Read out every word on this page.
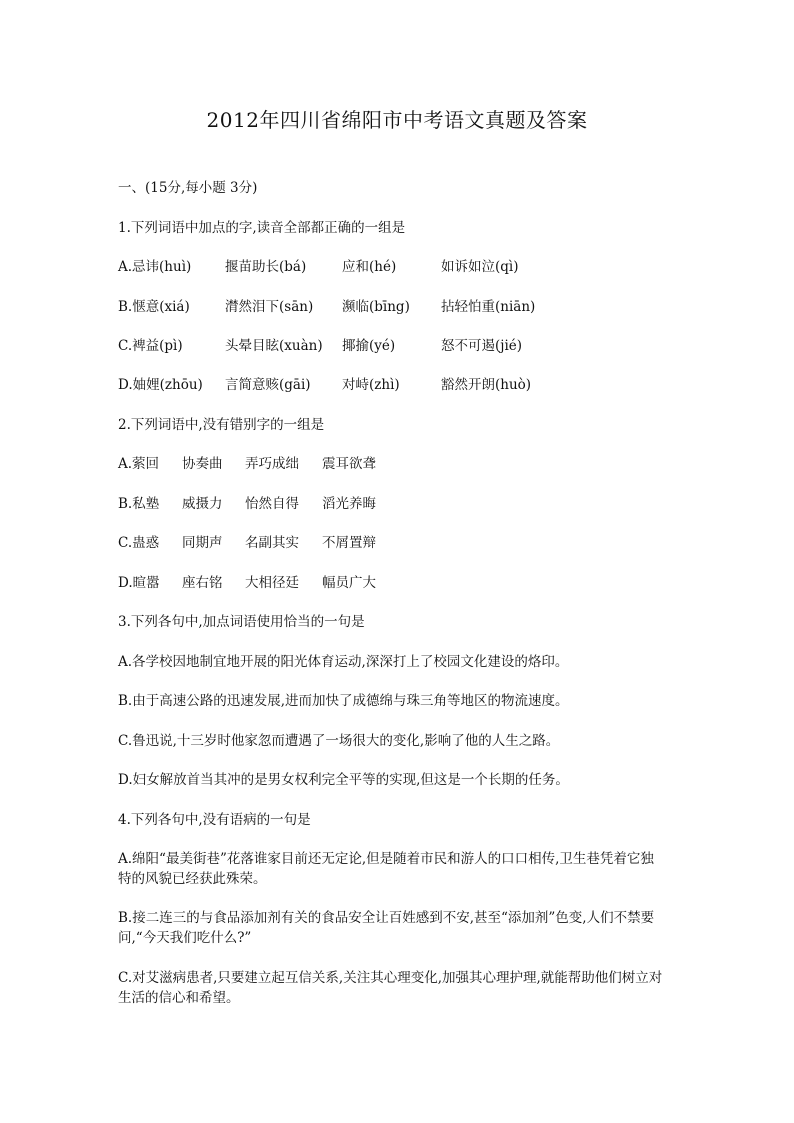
2012年四川省绵阳市中考语文真题及答案
一、(15分,每小题 3分)
1.下列词语中加点的字,读音全部都正确的一组是
A.忌讳(huì) 揠苗助长(bá)	应和(hé)	如诉如泣(qì)
B.惬意(xiá)	潸然泪下(sān) 濒临(bīng) 拈轻怕重(niān)
C.裨益(pì)	头晕目眩(xuàn) 揶揄(yé)	怒不可遏(jié)
D.妯娌(zhōu) 言简意赅(gāi) 对峙(zhì)	豁然开朗(huò)
2.下列词语中,没有错别字的一组是
A.萦回 协奏曲 弄巧成绌 震耳欲聋
B.私塾 威摄力 怡然自得 滔光养晦
C.蛊惑 同期声 名副其实 不屑置辩
D.暄嚣 座右铭 大相径廷 幅员广大
3.下列各句中,加点词语使用恰当的一句是
A.各学校因地制宜地开展的阳光体育运动,深深打上了校园文化建设的烙印。
B.由于高速公路的迅速发展,进而加快了成德绵与珠三角等地区的物流速度。
C.鲁迅说,十三岁时他家忽而遭遇了一场很大的变化,影响了他的人生之路。
D.妇女解放首当其冲的是男女权利完全平等的实现,但这是一个长期的任务。
4.下列各句中,没有语病的一句是
A.绵阳“最美街巷”花落谁家目前还无定论,但是随着市民和游人的口口相传,卫生巷凭着它独特的风貌已经获此殊荣。
B.接二连三的与食品添加剂有关的食品安全让百姓感到不安,甚至“添加剂”色变,人们不禁要问,“今天我们吃什么?”
C.对艾滋病患者,只要建立起互信关系,关注其心理变化,加强其心理护理,就能帮助他们树立对生活的信心和希望。
